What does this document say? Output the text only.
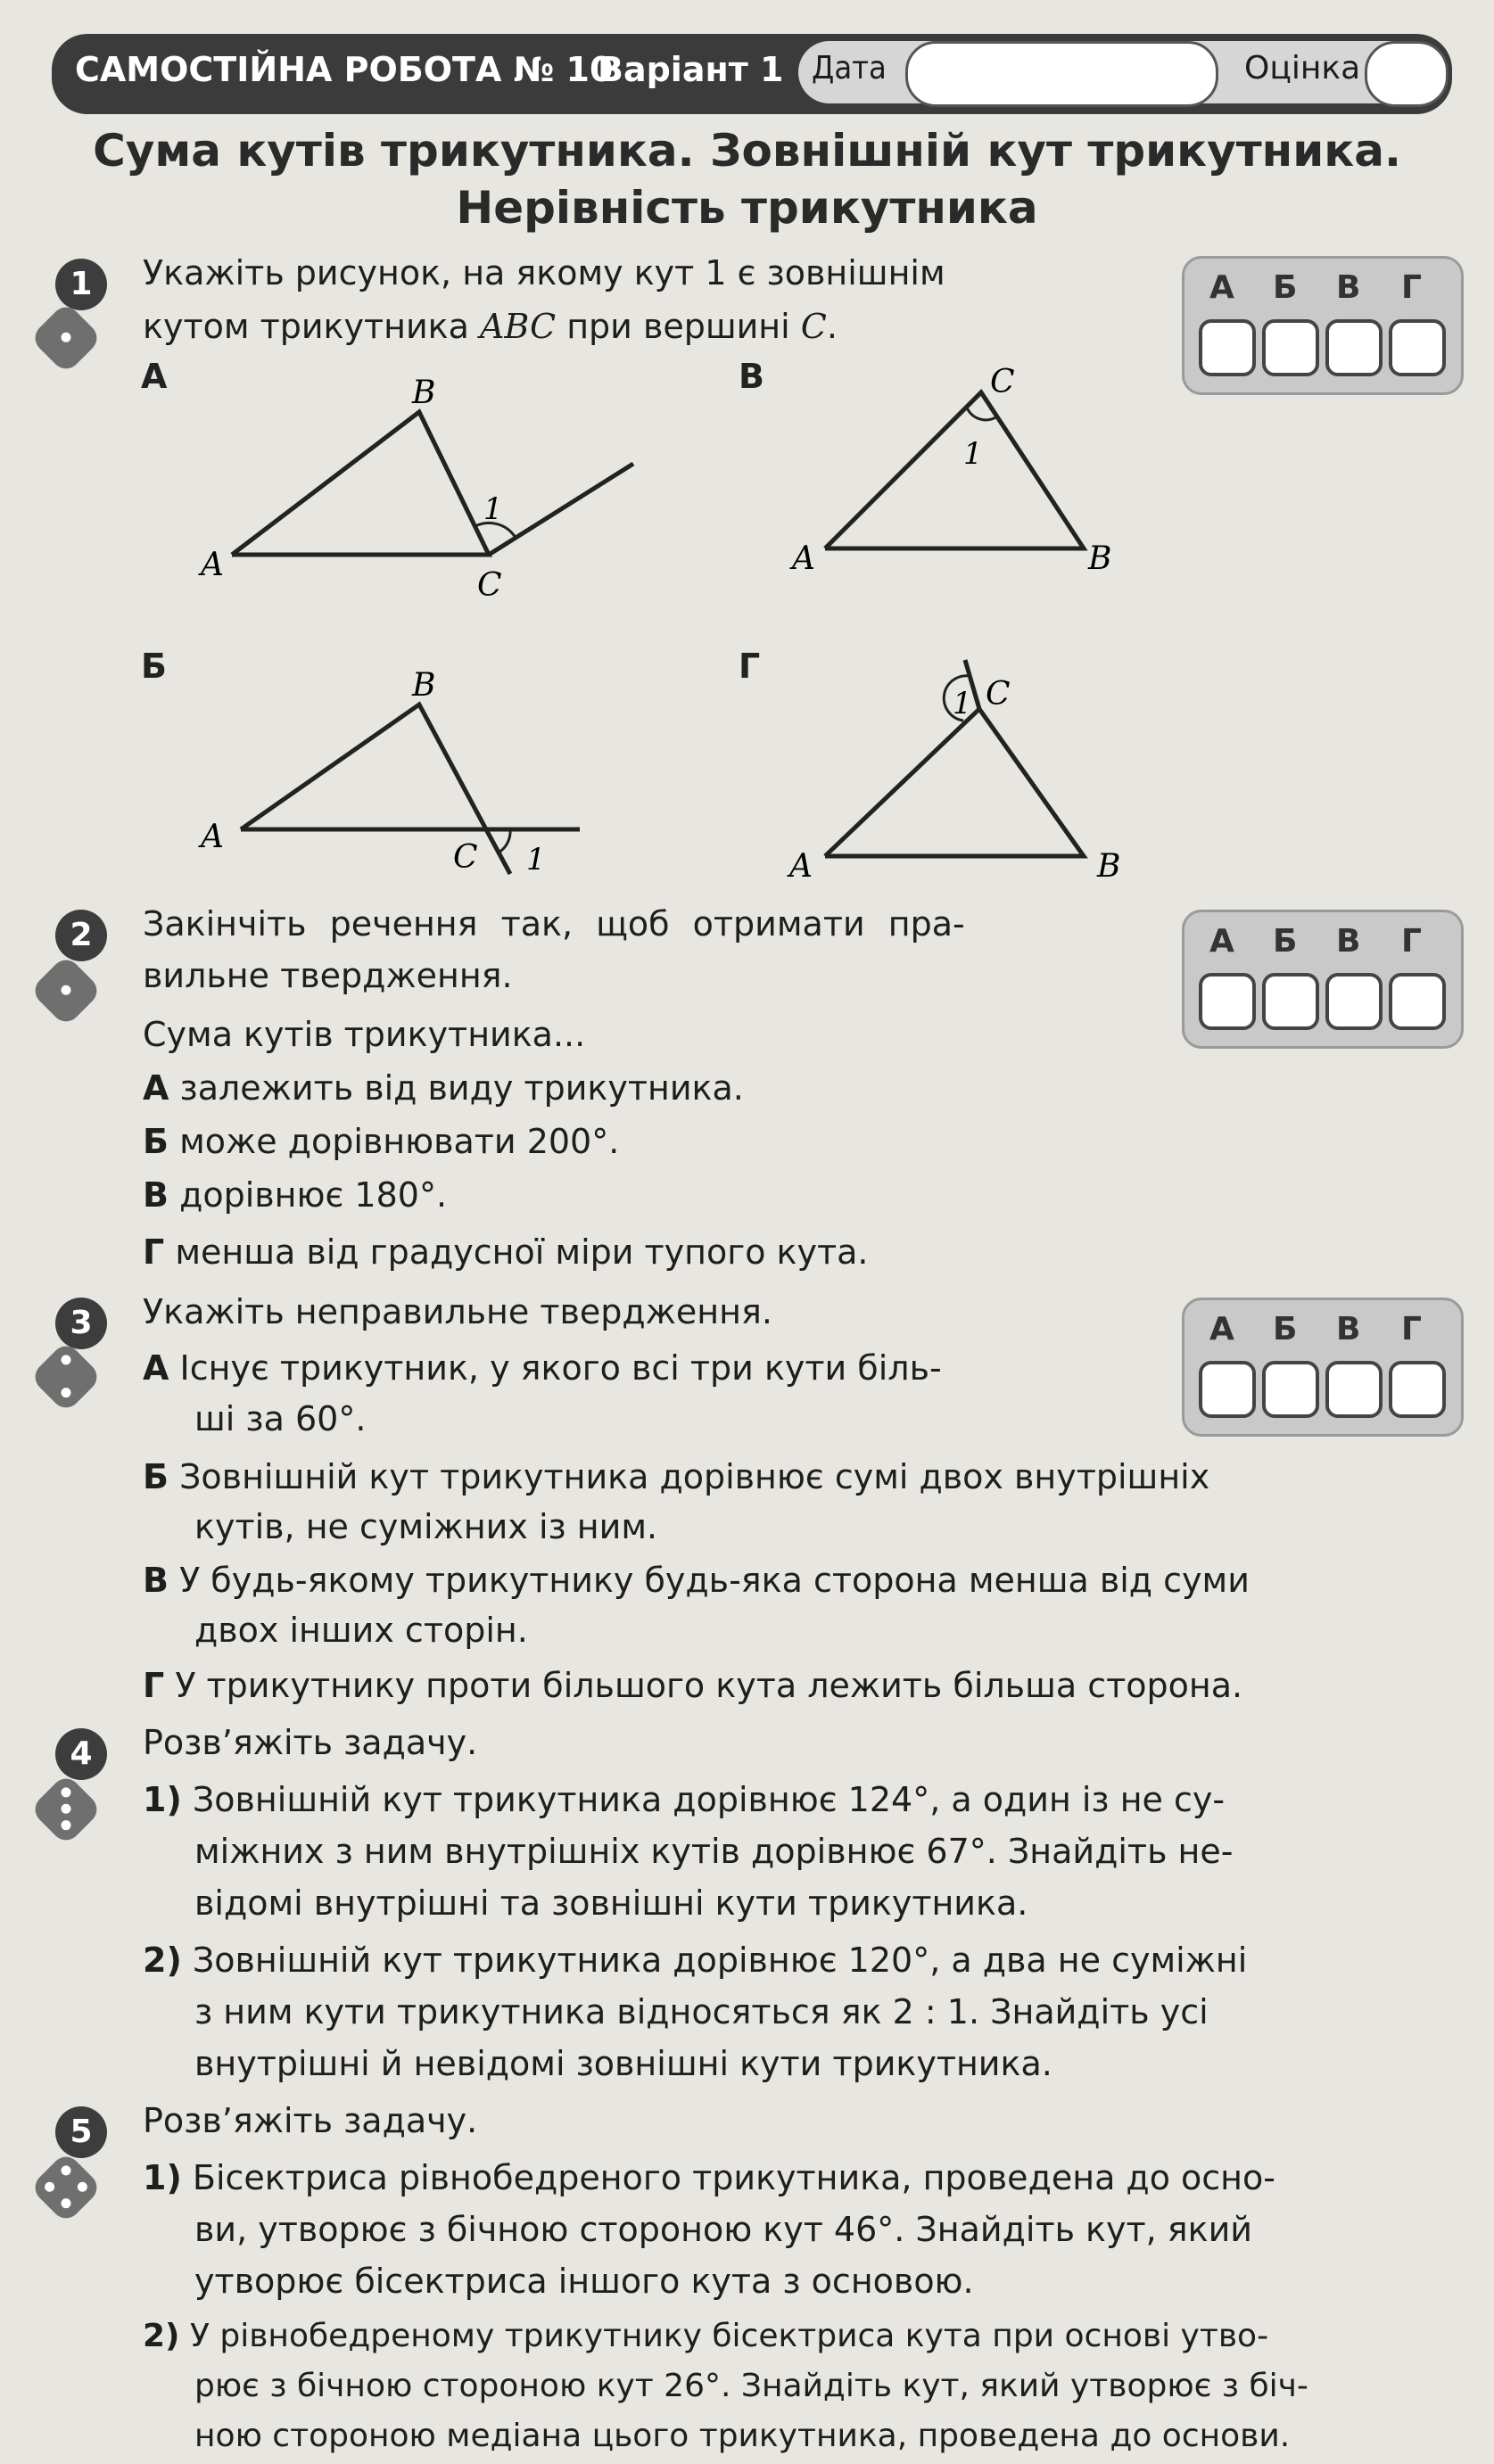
САМОСТІЙНА РОБОТА № 10
Варіант 1 Дата	Оцінка
Сума кутів трикутника. Зовнішній кут трикутника.
Нерівність трикутника
1	Укажіть рисунок, на якому кут 1 є зовнішнім
кутом трикутника ABC при вершині C.
А Б В Г
А	В
Б	Г
A
B
C
1
A	B
C
1
A
B
C 1	A	B
C
1
2	Закінчіть речення так, щоб отримати пра-
вильне твердження.
Сума кутів трикутника...
А залежить від виду трикутника.
Б може дорівнювати 200°.
В дорівнює 180°.
Г менша від градусної міри тупого кута.
А Б В Г
3	Укажіть неправильне твердження.
А Існує трикутник, у якого всі три кути біль-
ші за 60°.
Б Зовнішній кут трикутника дорівнює сумі двох внутрішніх
кутів, не суміжних із ним.
В У будь-якому трикутнику будь-яка сторона менша від суми
двох інших сторін.
Г У трикутнику проти більшого кута лежить більша сторона.
А Б В Г
4	Розв’яжіть задачу.
1) Зовнішній кут трикутника дорівнює 124°, а один із не су-
міжних з ним внутрішніх кутів дорівнює 67°. Знайдіть не-
відомі внутрішні та зовнішні кути трикутника.
2) Зовнішній кут трикутника дорівнює 120°, а два не суміжні
з ним кути трикутника відносяться як 2 : 1. Знайдіть усі
внутрішні й невідомі зовнішні кути трикутника.
5	Розв’яжіть задачу.
1) Бісектриса рівнобедреного трикутника, проведена до осно-
ви, утворює з бічною стороною кут 46°. Знайдіть кут, який
утворює бісектриса іншого кута з основою.
2) У рівнобедреному трикутнику бісектриса кута при основі утво-
рює з бічною стороною кут 26°. Знайдіть кут, який утворює з біч-
ною стороною медіана цього трикутника, проведена до основи.
